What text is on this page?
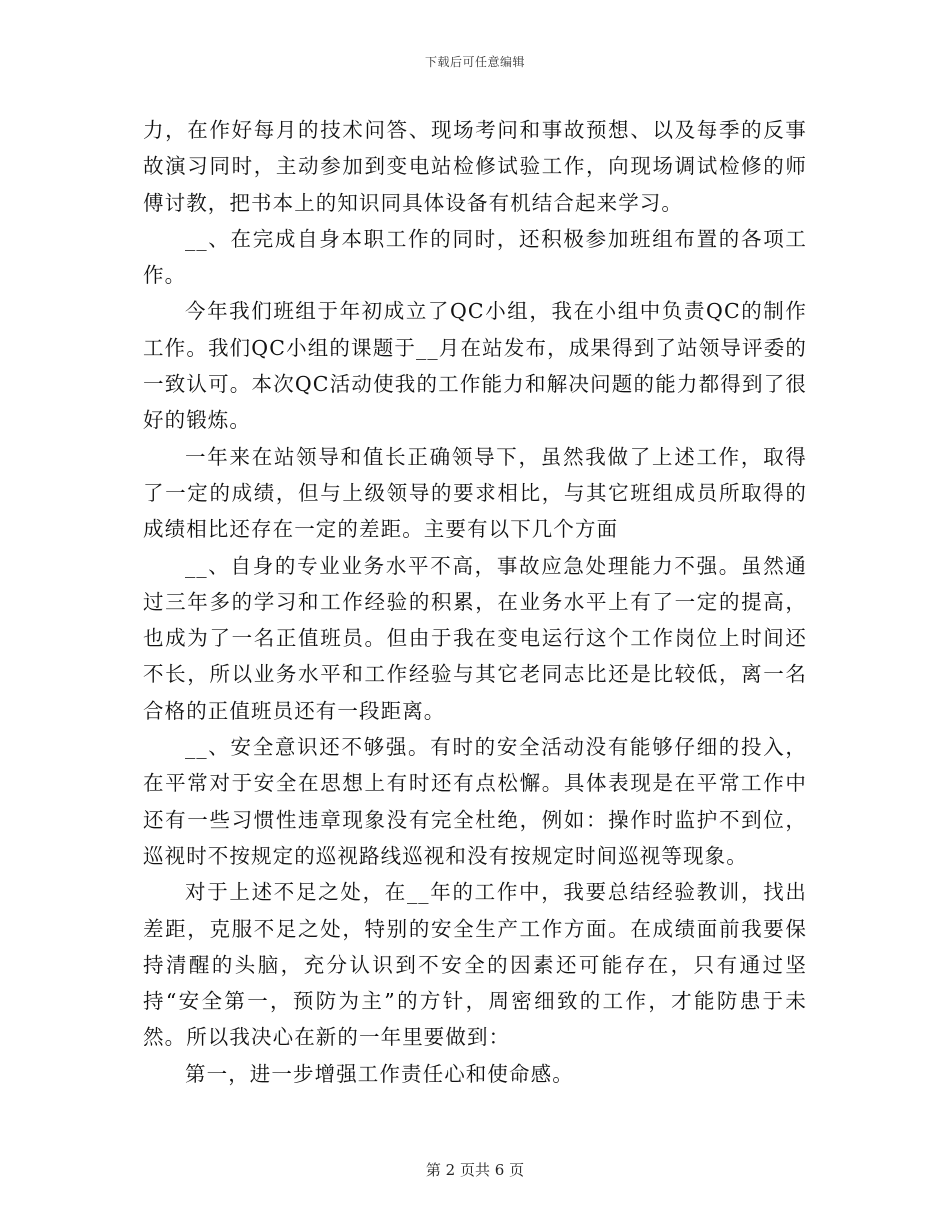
下载后可任意编辑

力，在作好每月的技术问答、现场考问和事故预想、以及每季的反事故演习同时，主动参加到变电站检修试验工作，向现场调试检修的师傅讨教，把书本上的知识同具体设备有机结合起来学习。

__、在完成自身本职工作的同时，还积极参加班组布置的各项工作。

今年我们班组于年初成立了QC小组，我在小组中负责QC的制作工作。我们QC小组的课题于__月在站发布，成果得到了站领导评委的一致认可。本次QC活动使我的工作能力和解决问题的能力都得到了很好的锻炼。

一年来在站领导和值长正确领导下，虽然我做了上述工作，取得了一定的成绩，但与上级领导的要求相比，与其它班组成员所取得的成绩相比还存在一定的差距。主要有以下几个方面

__、自身的专业业务水平不高，事故应急处理能力不强。虽然通过三年多的学习和工作经验的积累，在业务水平上有了一定的提高，也成为了一名正值班员。但由于我在变电运行这个工作岗位上时间还不长，所以业务水平和工作经验与其它老同志比还是比较低，离一名合格的正值班员还有一段距离。

__、安全意识还不够强。有时的安全活动没有能够仔细的投入，在平常对于安全在思想上有时还有点松懈。具体表现是在平常工作中还有一些习惯性违章现象没有完全杜绝，例如：操作时监护不到位，巡视时不按规定的巡视路线巡视和没有按规定时间巡视等现象。

对于上述不足之处，在__年的工作中，我要总结经验教训，找出差距，克服不足之处，特别的安全生产工作方面。在成绩面前我要保持清醒的头脑，充分认识到不安全的因素还可能存在，只有通过坚持“安全第一，预防为主”的方针，周密细致的工作，才能防患于未然。所以我决心在新的一年里要做到：

第一，进一步增强工作责任心和使命感。

第 2 页共 6 页
